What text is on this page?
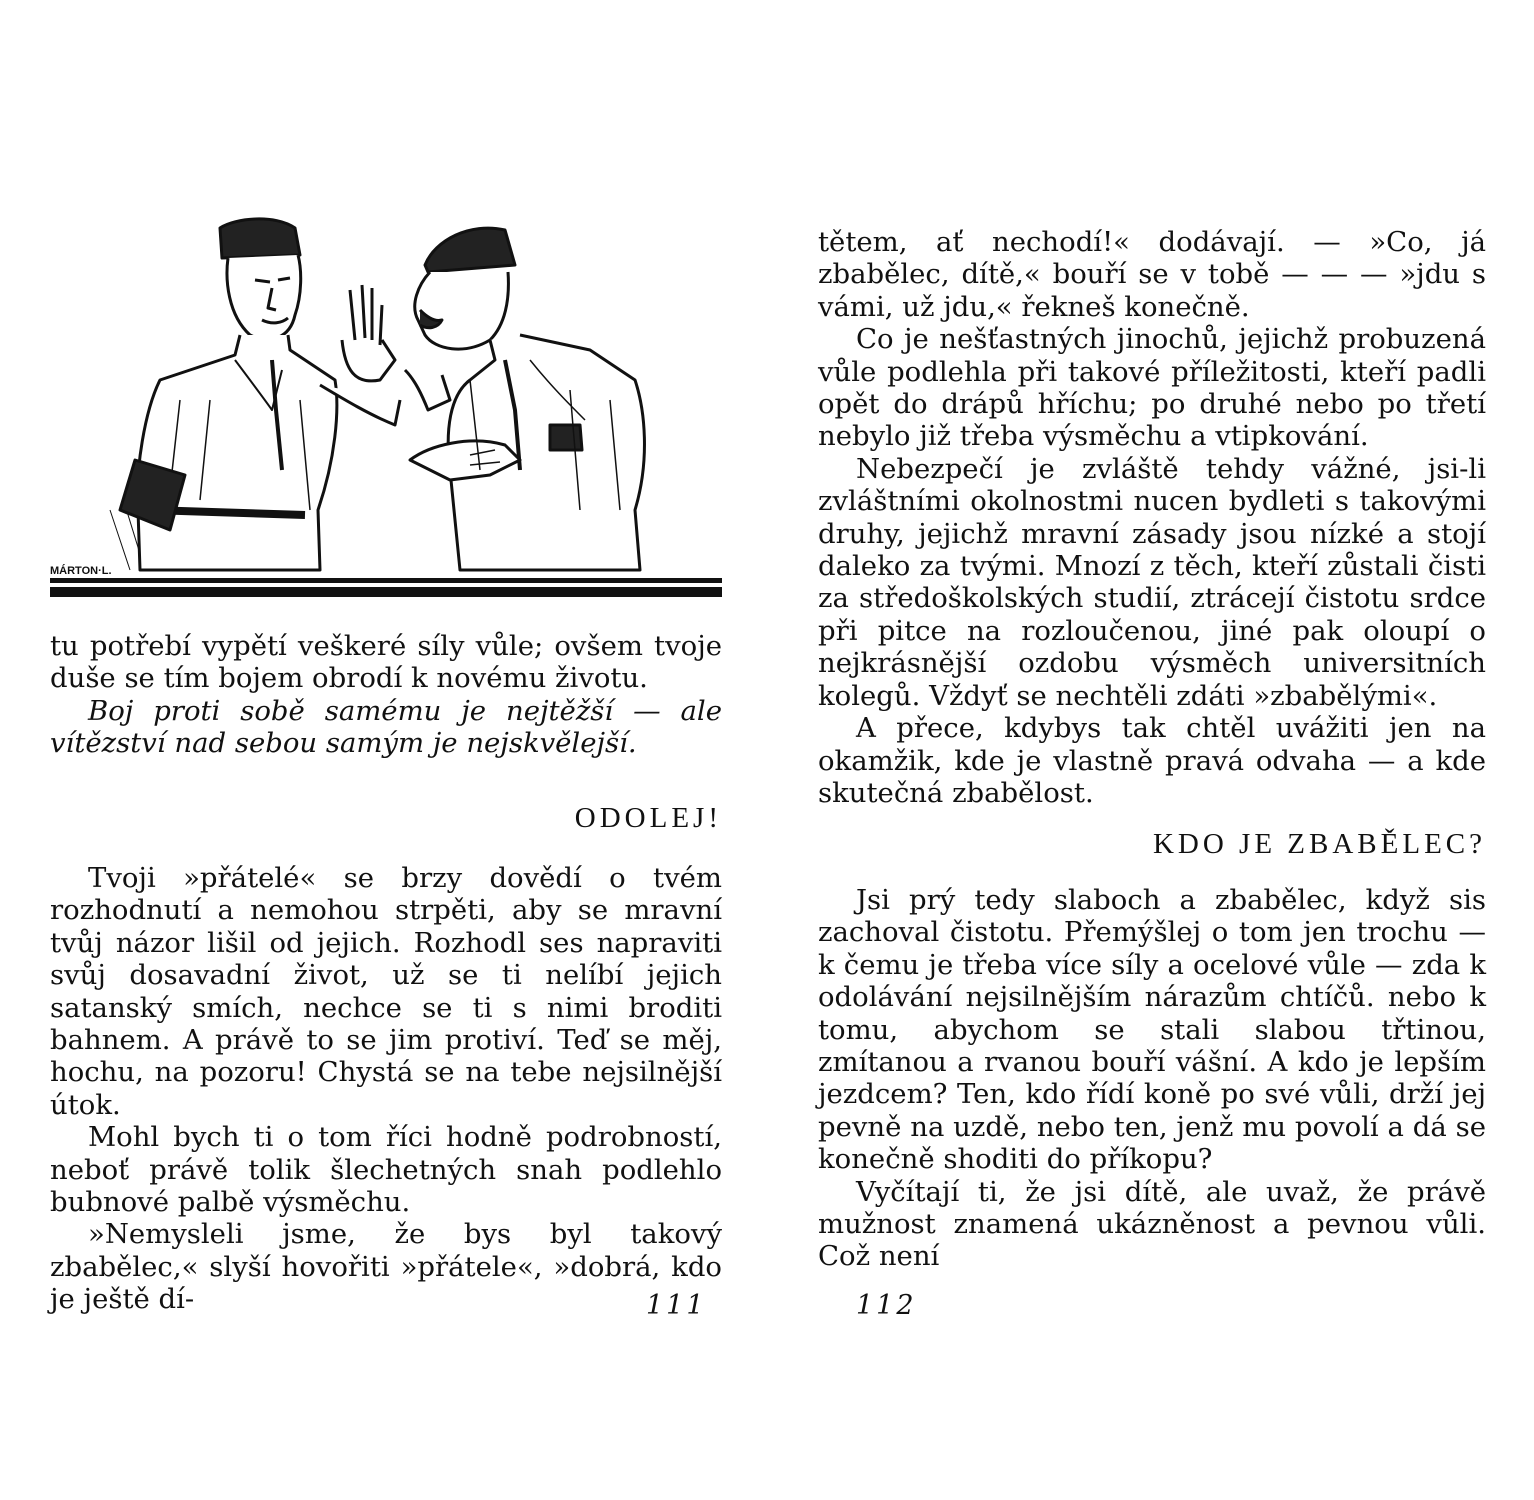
MÁRTON·L.

tu potřebí vypětí veškeré síly vůle; ovšem tvoje duše se tím bojem obrodí k novému životu.

Boj proti sobě samému je nejtěžší — ale vítězství nad sebou samým je nejskvělejší.

ODOLEJ!

Tvoji »přátelé« se brzy dovědí o tvém rozhodnutí a nemohou strpěti, aby se mravní tvůj názor lišil od jejich. Rozhodl ses napraviti svůj dosavadní život, už se ti nelíbí jejich satanský smích, nechce se ti s nimi broditi bahnem. A právě to se jim protiví. Teď se měj, hochu, na pozoru! Chystá se na tebe nejsilnější útok.

Mohl bych ti o tom říci hodně podrobností, neboť právě tolik šlechetných snah podlehlo bubnové palbě výsměchu.

»Nemysleli jsme, že bys byl takový zbabělec,« slyší hovořiti »přátele«, »dobrá, kdo je ještě dí-	111

tětem, ať nechodí!« dodávají. — »Co, já zbabělec, dítě,« bouří se v tobě — — — »jdu s vámi, už jdu,« řekneš konečně.

Co je nešťastných jinochů, jejichž probuzená vůle podlehla při takové příležitosti, kteří padli opět do drápů hříchu; po druhé nebo po třetí nebylo již třeba výsměchu a vtipkování.

Nebezpečí je zvláště tehdy vážné, jsi-li zvláštními okolnostmi nucen bydleti s takovými druhy, jejichž mravní zásady jsou nízké a stojí daleko za tvými. Mnozí z těch, kteří zůstali čisti za středoškolských studií, ztrácejí čistotu srdce při pitce na rozloučenou, jiné pak oloupí o nejkrásnější ozdobu výsměch universitních kolegů. Vždyť se nechtěli zdáti »zbabělými«.

A přece, kdybys tak chtěl uvážiti jen na okamžik, kde je vlastně pravá odvaha — a kde skutečná zbabělost.

KDO JE ZBABĚLEC?

Jsi prý tedy slaboch a zbabělec, když sis zachoval čistotu. Přemýšlej o tom jen trochu — k čemu je třeba více síly a ocelové vůle — zda k odolávání nejsilnějším nárazům chtíčů. nebo k tomu, abychom se stali slabou třtinou, zmítanou a rvanou bouří vášní. A kdo je lepším jezdcem? Ten, kdo řídí koně po své vůli, drží jej pevně na uzdě, nebo ten, jenž mu povolí a dá se konečně shoditi do příkopu?

Vyčítají ti, že jsi dítě, ale uvaž, že právě mužnost znamená ukázněnost a pevnou vůli. Což není

112
